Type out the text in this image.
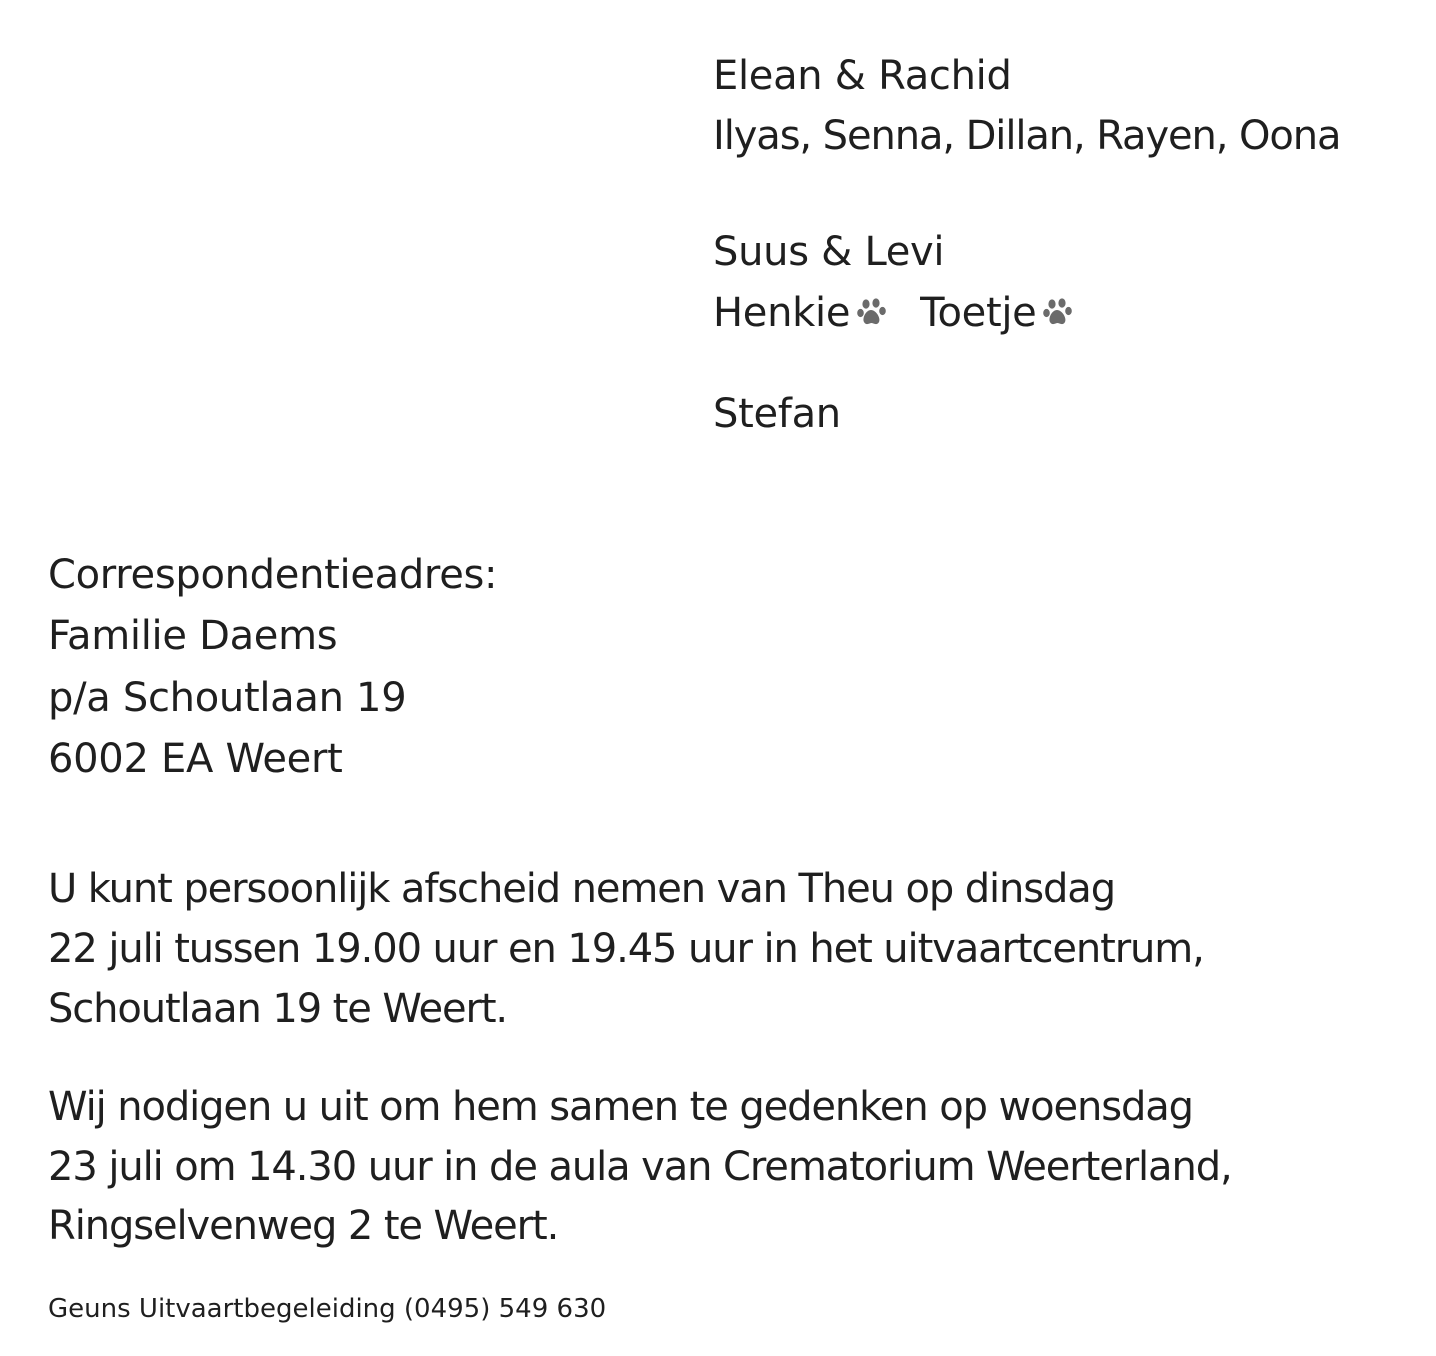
Elean & Rachid
Ilyas, Senna, Dillan, Rayen, Oona
Suus & Levi
Henkie Toetje
Stefan
Correspondentieadres:
Familie Daems
p/a Schoutlaan 19
6002 EA Weert
U kunt persoonlijk afscheid nemen van Theu op dinsdag
22 juli tussen 19.00 uur en 19.45 uur in het uitvaartcentrum,
Schoutlaan 19 te Weert.
Wij nodigen u uit om hem samen te gedenken op woensdag
23 juli om 14.30 uur in de aula van Crematorium Weerterland,
Ringselvenweg 2 te Weert.
Geuns Uitvaartbegeleiding (0495) 549 630
